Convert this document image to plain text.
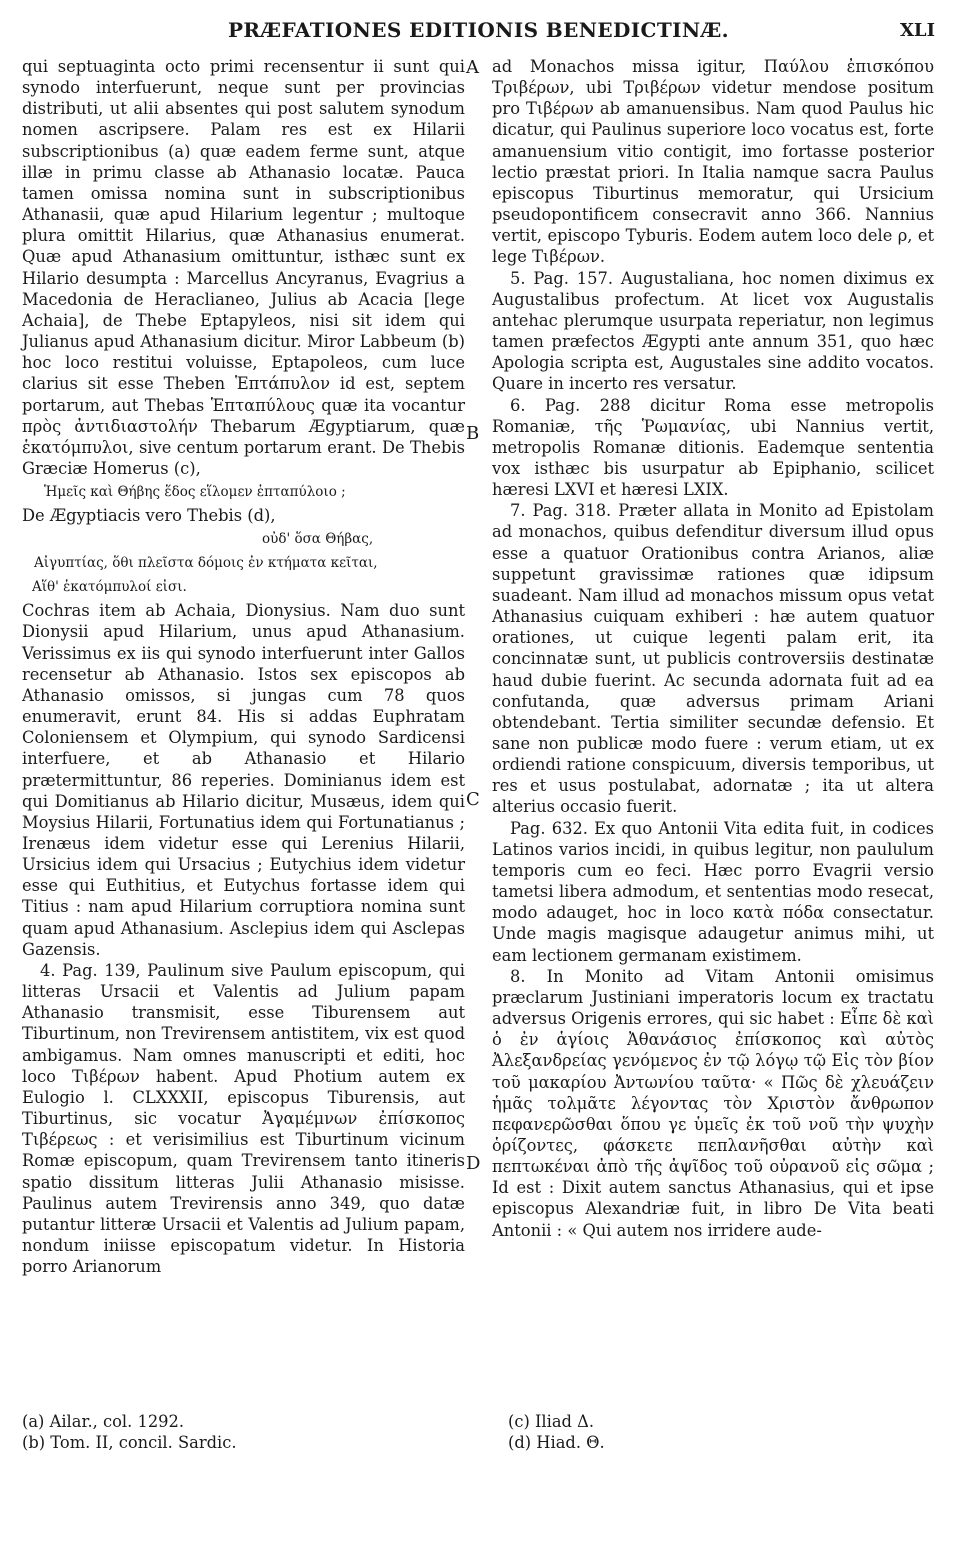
PRÆFATIONES EDITIONIS BENEDICTINÆ.	XLI
A
B
C
D

qui septuaginta octo primi recensentur ii sunt qui synodo interfuerunt, neque sunt per provincias distributi, ut alii absentes qui post salutem synodum nomen ascripsere. Palam res est ex Hilarii subscriptionibus (a) quæ eadem ferme sunt, atque illæ in primu classe ab Athanasio locatæ. Pauca tamen omissa nomina sunt in subscriptionibus Athanasii, quæ apud Hilarium legentur ; multoque plura omittit Hilarius, quæ Athanasius enumerat. Quæ apud Athanasium omittuntur, isthæc sunt ex Hilario desumpta : Marcellus Ancyranus, Evagrius a Macedonia de Heraclianeo, Julius ab Acacia [lege Achaia], de Thebe Eptapyleos, nisi sit idem qui Julianus apud Athanasium dicitur. Miror Labbeum (b) hoc loco restitui voluisse, Eptapoleos, cum luce clarius sit esse Theben Ἑπτάπυλον id est, septem portarum, aut Thebas Ἑπταπύλους quæ ita vocantur πρὸς ἀντιδιαστολήν Thebarum Ægyptiarum, quæ ἑκατόμπυλοι, sive centum portarum erant. De Thebis Græciæ Homerus (c),

Ἡμεῖς καὶ Θήβης ἕδος εἵλομεν ἑπταπύλοιο ;

De Ægyptiacis vero Thebis (d),

οὐδ' ὅσα Θήβας,
Αἰγυπτίας, ὅθι πλεῖστα δόμοις ἐν κτήματα κεῖται,
Αἵθ' ἑκατόμπυλοί εἰσι.

Cochras item ab Achaia, Dionysius. Nam duo sunt Dionysii apud Hilarium, unus apud Athanasium. Verissimus ex iis qui synodo interfuerunt inter Gallos recensetur ab Athanasio. Istos sex episcopos ab Athanasio omissos, si jungas cum 78 quos enumeravit, erunt 84. His si addas Euphratam Coloniensem et Olympium, qui synodo Sardicensi interfuere, et ab Athanasio et Hilario prætermittuntur, 86 reperies. Dominianus idem est qui Domitianus ab Hilario dicitur, Musæus, idem qui Moysius Hilarii, Fortunatius idem qui Fortunatianus ; Irenæus idem videtur esse qui Lerenius Hilarii, Ursicius idem qui Ursacius ; Eutychius idem videtur esse qui Euthitius, et Eutychus fortasse idem qui Titius : nam apud Hilarium corruptiora nomina sunt quam apud Athanasium. Asclepius idem qui Asclepas Gazensis.

4. Pag. 139, Paulinum sive Paulum episcopum, qui litteras Ursacii et Valentis ad Julium papam Athanasio transmisit, esse Tiburensem aut Tiburtinum, non Trevirensem antistitem, vix est quod ambigamus. Nam omnes manuscripti et editi, hoc loco Τιβέρων habent. Apud Photium autem ex Eulogio l. CLXXXII, episcopus Tiburensis, aut Tiburtinus, sic vocatur Ἀγαμέμνων ἐπίσκοπος Τιβέρεως : et verisimilius est Tiburtinum vicinum Romæ episcopum, quam Trevirensem tanto itineris spatio dissitum litteras Julii Athanasio misisse. Paulinus autem Trevirensis anno 349, quo datæ putantur litteræ Ursacii et Valentis ad Julium papam, nondum iniisse episcopatum videtur. In Historia porro Arianorum

ad Monachos missa igitur, Παύλου ἐπισκόπου Τριβέρων, ubi Τριβέρων videtur mendose positum pro Τιβέρων ab amanuensibus. Nam quod Paulus hic dicatur, qui Paulinus superiore loco vocatus est, forte amanuensium vitio contigit, imo fortasse posterior lectio præstat priori. In Italia namque sacra Paulus episcopus Tiburtinus memoratur, qui Ursicium pseudopontificem consecravit anno 366. Nannius vertit, episcopo Tyburis. Eodem autem loco dele ρ, et lege Τιβέρων.

5. Pag. 157. Augustaliana, hoc nomen diximus ex Augustalibus profectum. At licet vox Augustalis antehac plerumque usurpata reperiatur, non legimus tamen præfectos Ægypti ante annum 351, quo hæc Apologia scripta est, Augustales sine addito vocatos. Quare in incerto res versatur.

6. Pag. 288 dicitur Roma esse metropolis Romaniæ, τῆς Ῥωμανίας, ubi Nannius vertit, metropolis Romanæ ditionis. Eademque sententia vox isthæc bis usurpatur ab Epiphanio, scilicet hæresi LXVI et hæresi LXIX.

7. Pag. 318. Præter allata in Monito ad Epistolam ad monachos, quibus defenditur diversum illud opus esse a quatuor Orationibus contra Arianos, aliæ suppetunt gravissimæ rationes quæ idipsum suadeant. Nam illud ad monachos missum opus vetat Athanasius cuiquam exhiberi : hæ autem quatuor orationes, ut cuique legenti palam erit, ita concinnatæ sunt, ut publicis controversiis destinatæ haud dubie fuerint. Ac secunda adornata fuit ad ea confutanda, quæ adversus primam Ariani obtendebant. Tertia similiter secundæ defensio. Et sane non publicæ modo fuere : verum etiam, ut ex ordiendi ratione conspicuum, diversis temporibus, ut res et usus postulabat, adornatæ ; ita ut altera alterius occasio fuerit.

Pag. 632. Ex quo Antonii Vita edita fuit, in codices Latinos varios incidi, in quibus legitur, non paululum temporis cum eo feci. Hæc porro Evagrii versio tametsi libera admodum, et sententias modo resecat, modo adauget, hoc in loco κατὰ πόδα consectatur. Unde magis magisque adaugetur animus mihi, ut eam lectionem germanam existimem.

8. In Monito ad Vitam Antonii omisimus præclarum Justiniani imperatoris locum ex tractatu adversus Origenis errores, qui sic habet : Εἶπε δὲ καὶ ὁ ἐν ἁγίοις Ἀθανάσιος ἐπίσκοπος καὶ αὐτὸς Ἀλεξανδρείας γενόμενος ἐν τῷ λόγῳ τῷ Εἰς τὸν βίον τοῦ μακαρίου Ἀντωνίου ταῦτα· « Πῶς δὲ χλευάζειν ἡμᾶς τολμᾶτε λέγοντας τὸν Χριστὸν ἄνθρωπον πεφανερῶσθαι ὅπου γε ὑμεῖς ἐκ τοῦ νοῦ τὴν ψυχὴν ὁρίζοντες, φάσκετε πεπλανῆσθαι αὐτὴν καὶ πεπτωκέναι ἀπὸ τῆς ἀψῖδος τοῦ οὐρανοῦ εἰς σῶμα ; Id est : Dixit autem sanctus Athanasius, qui et ipse episcopus Alexandriæ fuit, in libro De Vita beati Antonii : « Qui autem nos irridere aude-

(a) Ailar., col. 1292.
(b) Tom. II, concil. Sardic.
(c) Iliad Δ.
(d) Hiad. Θ.
